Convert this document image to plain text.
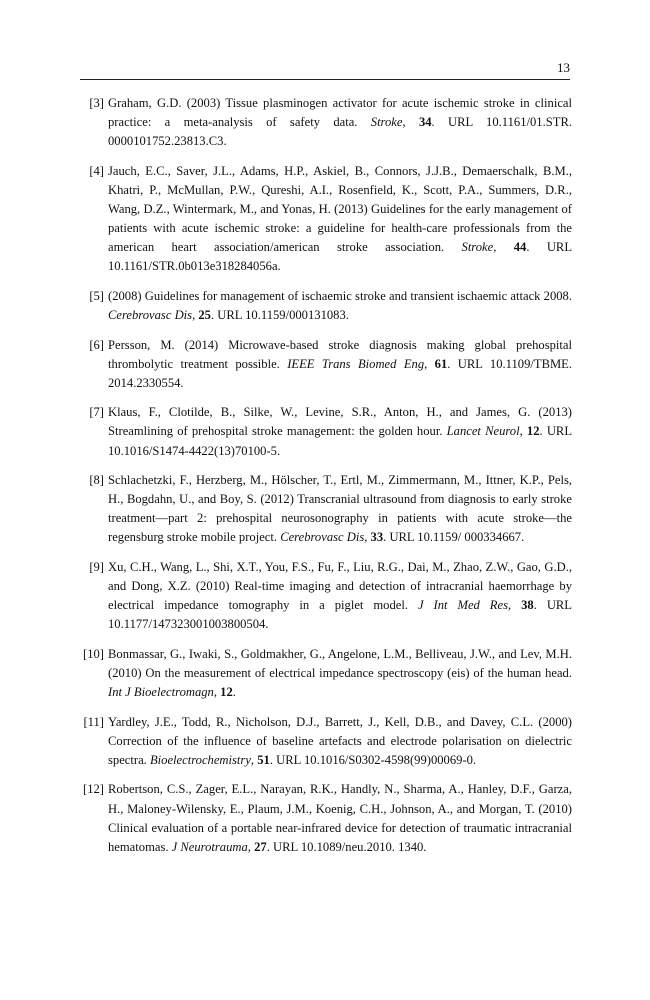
13
[3] Graham, G.D. (2003) Tissue plasminogen activator for acute ischemic stroke in clinical practice: a meta-analysis of safety data. Stroke, 34. URL 10.1161/01.STR. 0000101752.23813.C3.
[4] Jauch, E.C., Saver, J.L., Adams, H.P., Askiel, B., Connors, J.J.B., Demaerschalk, B.M., Khatri, P., McMullan, P.W., Qureshi, A.I., Rosenfield, K., Scott, P.A., Summers, D.R., Wang, D.Z., Wintermark, M., and Yonas, H. (2013) Guidelines for the early management of patients with acute ischemic stroke: a guideline for health-care professionals from the american heart association/american stroke association. Stroke, 44. URL 10.1161/STR.0b013e318284056a.
[5] (2008) Guidelines for management of ischaemic stroke and transient ischaemic attack 2008. Cerebrovasc Dis, 25. URL 10.1159/000131083.
[6] Persson, M. (2014) Microwave-based stroke diagnosis making global prehospital thrombolytic treatment possible. IEEE Trans Biomed Eng, 61. URL 10.1109/TBME. 2014.2330554.
[7] Klaus, F., Clotilde, B., Silke, W., Levine, S.R., Anton, H., and James, G. (2013) Streamlining of prehospital stroke management: the golden hour. Lancet Neurol, 12. URL 10.1016/S1474-4422(13)70100-5.
[8] Schlachetzki, F., Herzberg, M., Hölscher, T., Ertl, M., Zimmermann, M., Ittner, K.P., Pels, H., Bogdahn, U., and Boy, S. (2012) Transcranial ultrasound from diagnosis to early stroke treatment—part 2: prehospital neurosonography in patients with acute stroke—the regensburg stroke mobile project. Cerebrovasc Dis, 33. URL 10.1159/ 000334667.
[9] Xu, C.H., Wang, L., Shi, X.T., You, F.S., Fu, F., Liu, R.G., Dai, M., Zhao, Z.W., Gao, G.D., and Dong, X.Z. (2010) Real-time imaging and detection of intracranial haemorrhage by electrical impedance tomography in a piglet model. J Int Med Res, 38. URL 10.1177/147323001003800504.
[10] Bonmassar, G., Iwaki, S., Goldmakher, G., Angelone, L.M., Belliveau, J.W., and Lev, M.H. (2010) On the measurement of electrical impedance spectroscopy (eis) of the human head. Int J Bioelectromagn, 12.
[11] Yardley, J.E., Todd, R., Nicholson, D.J., Barrett, J., Kell, D.B., and Davey, C.L. (2000) Correction of the influence of baseline artefacts and electrode polarisation on dielectric spectra. Bioelectrochemistry, 51. URL 10.1016/S0302-4598(99)00069-0.
[12] Robertson, C.S., Zager, E.L., Narayan, R.K., Handly, N., Sharma, A., Hanley, D.F., Garza, H., Maloney-Wilensky, E., Plaum, J.M., Koenig, C.H., Johnson, A., and Morgan, T. (2010) Clinical evaluation of a portable near-infrared device for detection of traumatic intracranial hematomas. J Neurotrauma, 27. URL 10.1089/neu.2010. 1340.
